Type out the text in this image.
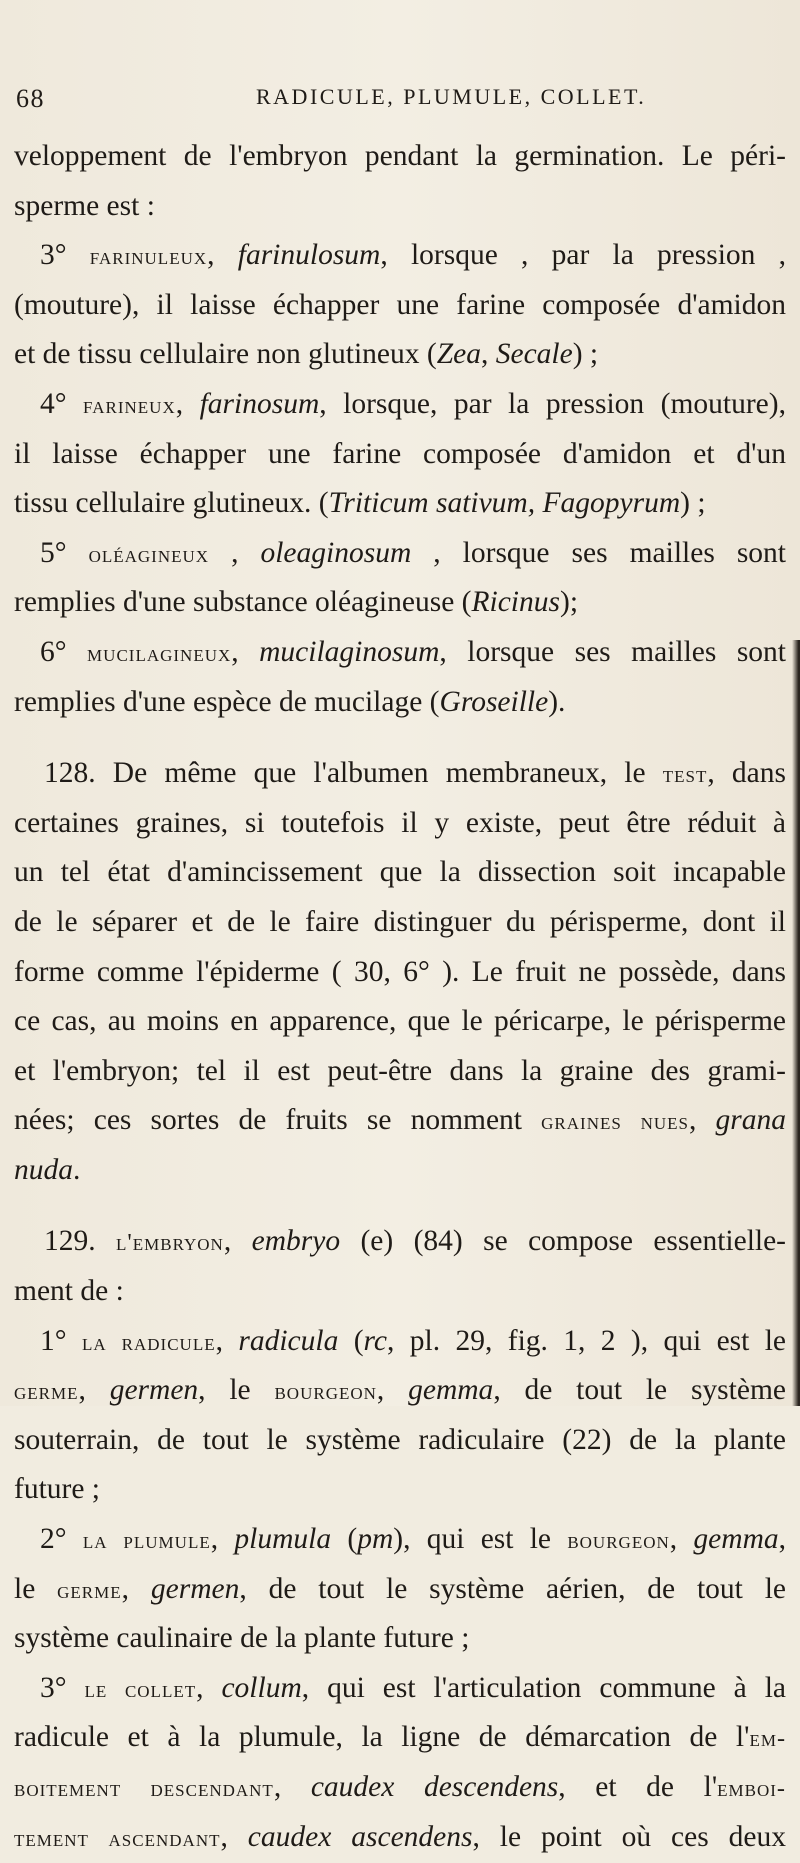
68	RADICULE, PLUMULE, COLLET.
veloppement de l'embryon pendant la germination. Le péri-
sperme est :
3° farinuleux, farinulosum, lorsque , par la pression ,
(mouture), il laisse échapper une farine composée d'amidon
et de tissu cellulaire non glutineux (Zea, Secale) ;
4° farineux, farinosum, lorsque, par la pression (mouture),
il laisse échapper une farine composée d'amidon et d'un
tissu cellulaire glutineux. (Triticum sativum, Fagopyrum) ;
5° oléagineux , oleaginosum , lorsque ses mailles sont
remplies d'une substance oléagineuse (Ricinus);
6° mucilagineux, mucilaginosum, lorsque ses mailles sont
remplies d'une espèce de mucilage (Groseille).
128. De même que l'albumen membraneux, le test, dans
certaines graines, si toutefois il y existe, peut être réduit à
un tel état d'amincissement que la dissection soit incapable
de le séparer et de le faire distinguer du périsperme, dont il
forme comme l'épiderme ( 30, 6° ). Le fruit ne possède, dans
ce cas, au moins en apparence, que le péricarpe, le périsperme
et l'embryon; tel il est peut-être dans la graine des grami-
nées; ces sortes de fruits se nomment graines nues, grana
nuda.
129. l'embryon, embryo (e) (84) se compose essentielle-
ment de :
1° la radicule, radicula (rc, pl. 29, fig. 1, 2 ), qui est le
germe, germen, le bourgeon, gemma, de tout le système
souterrain, de tout le système radiculaire (22) de la plante
future ;
2° la plumule, plumula (pm), qui est le bourgeon, gemma,
le germe, germen, de tout le système aérien, de tout le
système caulinaire de la plante future ;
3° le collet, collum, qui est l'articulation commune à la
radicule et à la plumule, la ligne de démarcation de l'em-
boitement descendant, caudex descendens, et de l'emboi-
tement ascendant, caudex ascendens, le point où ces deux
